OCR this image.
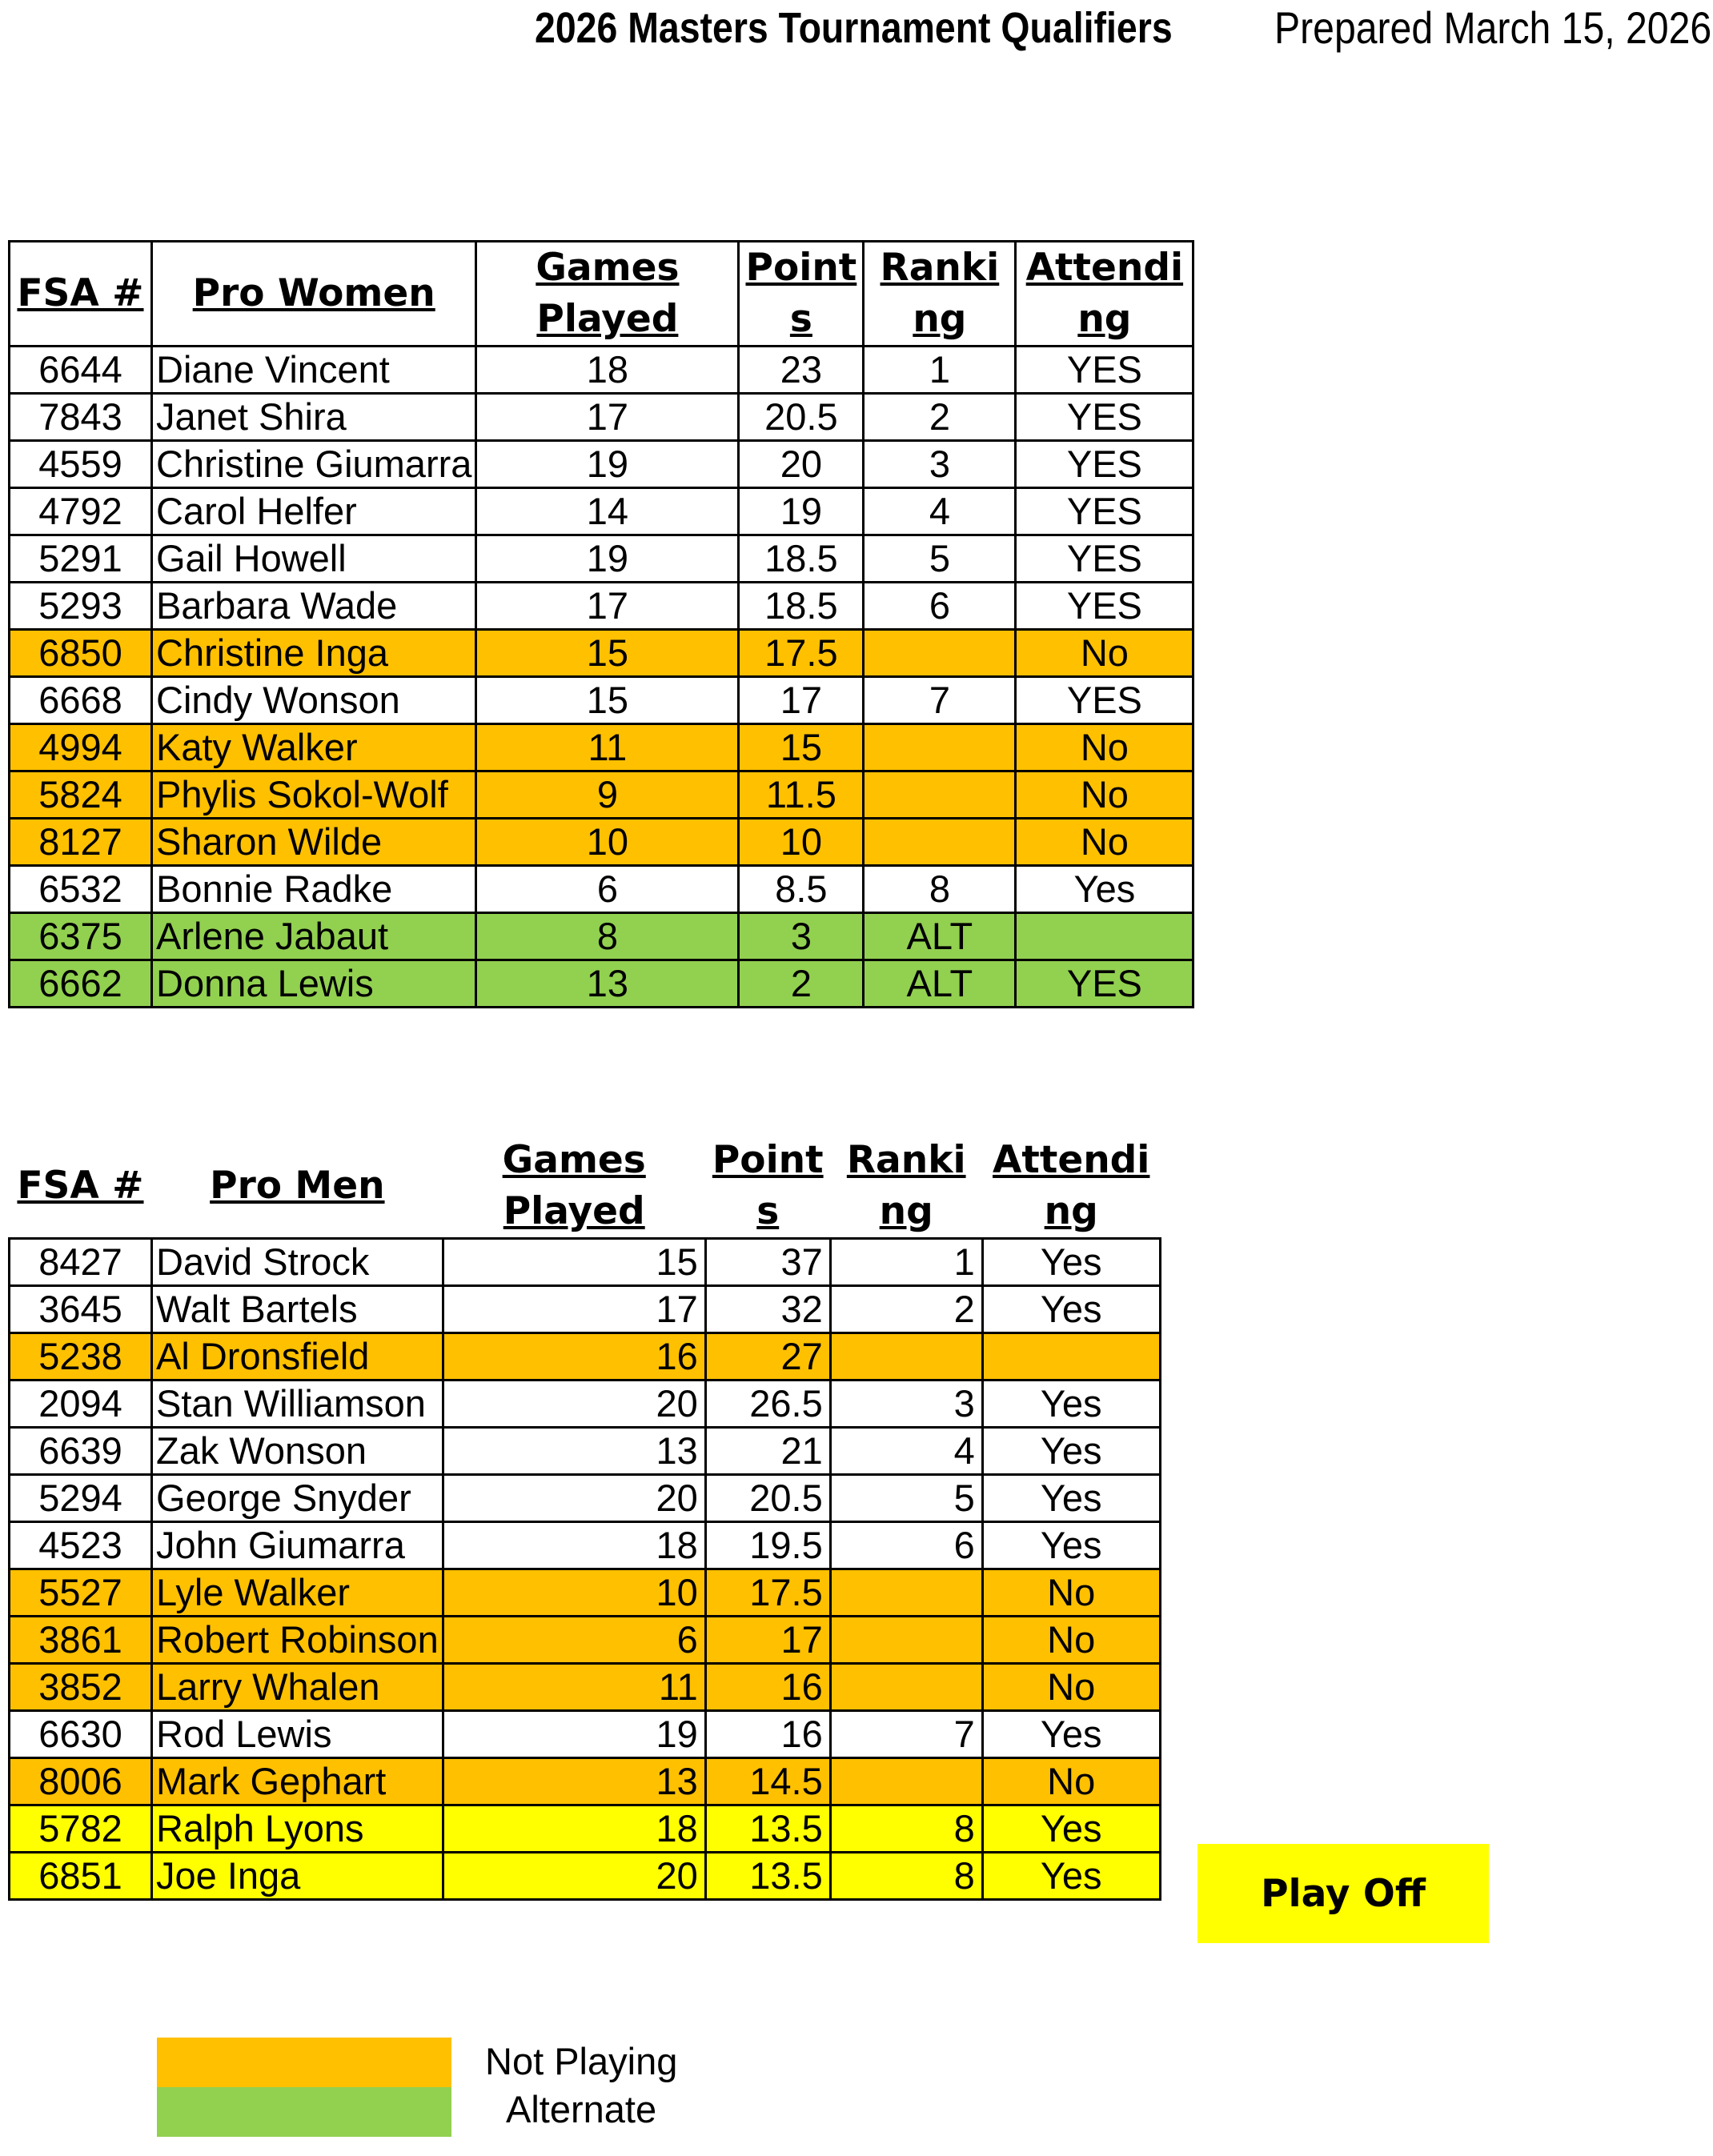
2026 Masters Tournament Qualifiers Prepared March 15, 2026
FSA #	Pro Women	Games Played	Points	Ranking	Attending
6644	Diane Vincent	18	23	1	YES
7843	Janet Shira	17	20.5	2	YES
4559	Christine Giumarra	19	20	3	YES
4792	Carol Helfer	14	19	4	YES
5291	Gail Howell	19	18.5	5	YES
5293	Barbara Wade	17	18.5	6	YES
6850	Christine Inga	15	17.5		No
6668	Cindy Wonson	15	17	7	YES
4994	Katy Walker	11	15		No
5824	Phylis Sokol-Wolf	9	11.5		No
8127	Sharon Wilde	10	10		No
6532	Bonnie Radke	6	8.5	8	Yes
6375	Arlene Jabaut	8	3	ALT	
6662	Donna Lewis	13	2	ALT	YES
FSA #	Pro Men	Games Played	Points	Ranking	Attending
8427	David Strock	15	37	1	Yes
3645	Walt Bartels	17	32	2	Yes
5238	Al Dronsfield	16	27		
2094	Stan Williamson	20	26.5	3	Yes
6639	Zak Wonson	13	21	4	Yes
5294	George Snyder	20	20.5	5	Yes
4523	John Giumarra	18	19.5	6	Yes
5527	Lyle Walker	10	17.5		No
3861	Robert Robinson	6	17		No
3852	Larry Whalen	11	16		No
6630	Rod Lewis	19	16	7	Yes
8006	Mark Gephart	13	14.5		No
5782	Ralph Lyons	18	13.5	8	Yes
6851	Joe Inga	20	13.5	8	Yes	Play Off
Not Playing
Alternate
